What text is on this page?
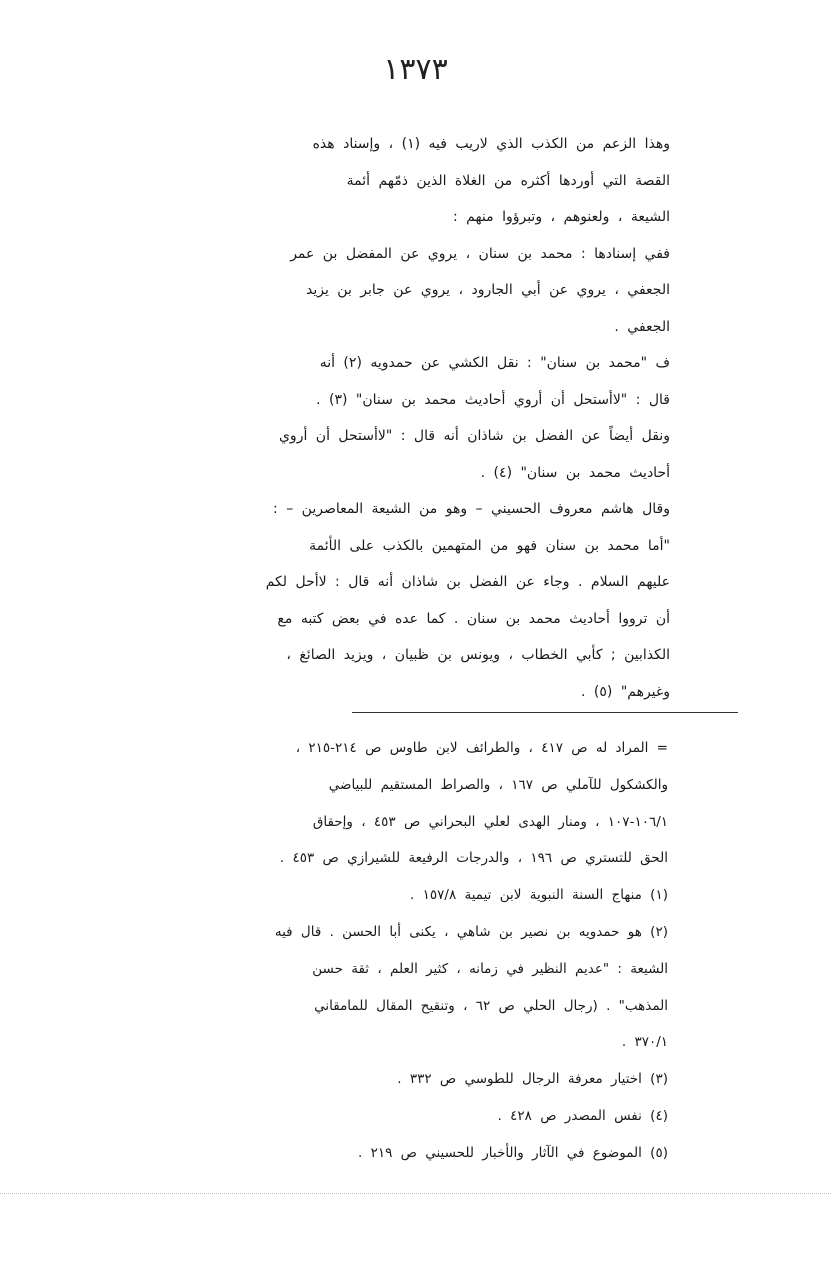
١٣٧٣
وهذا الزعم من الكذب الذي لاريب فيه (١) ، وإسناد هذه
القصة التي أوردها أكثره من الغلاة الذين ذمّهم أئمة
الشيعة ، ولعنوهم ، وتبرؤوا منهم :
ففي إسنادها : محمد بن سنان ، يروي عن المفضل بن عمر
الجعفي ، يروي عن أبي الجارود ، يروي عن جابر بن يزيد
الجعفي .
ف "محمد بن سنان" : نقل الكشي عن حمدويه (٢) أنه
قال : "لاأستحل أن أروي أحاديث محمد بن سنان" (٣) .
ونقل أيضاً عن الفضل بن شاذان أنه قال : "لاأستحل أن أروي
أحاديث محمد بن سنان" (٤) .
وقال هاشم معروف الحسيني – وهو من الشيعة المعاصرين – :
"أما محمد بن سنان فهو من المتهمين بالكذب على الأئمة
عليهم السلام . وجاء عن الفضل بن شاذان أنه قال : لاأحل لكم
أن ترووا أحاديث محمد بن سنان . كما عده في بعض كتبه مع
الكذابين ; كأبي الخطاب ، ويونس بن ظبيان ، ويزيد الصائغ ،
وغيرهم" (٥) .
= المراد له ص ٤١٧ ، والطرائف لابن طاوس ص ٢١٤-٢١٥ ،
والكشكول للآملي ص ١٦٧ ، والصراط المستقيم للبياضي
١٠٦/١-١٠٧ ، ومنار الهدى لعلي البحراني ص ٤٥٣ ، وإحقاق
الحق للتستري ص ١٩٦ ، والدرجات الرفيعة للشيرازي ص ٤٥٣ .
(١) منهاج السنة النبوية لابن تيمية ١٥٧/٨ .
(٢) هو حمدويه بن نصير بن شاهي ، يكنى أبا الحسن . قال فيه
الشيعة : "عديم النظير في زمانه ، كثير العلم ، ثقة حسن
المذهب" . (رجال الحلي ص ٦٢ ، وتنقيح المقال للمامقاني
٣٧٠/١ .
(٣) اختيار معرفة الرجال للطوسي ص ٣٣٢ .
(٤) نفس المصدر ص ٤٢٨ .
(٥) الموضوع في الآثار والأخبار للحسيني ص ٢١٩ .
